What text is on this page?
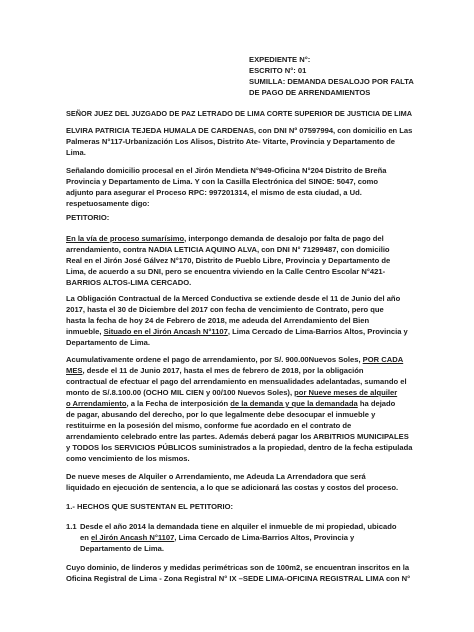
EXPEDIENTE N°:
ESCRITO N°: 01
SUMILLA: DEMANDA DESALOJO POR FALTA
DE PAGO DE ARRENDAMIENTOS
SEÑOR JUEZ DEL JUZGADO DE PAZ LETRADO DE LIMA CORTE SUPERIOR DE JUSTICIA DE LIMA
ELVIRA PATRICIA TEJEDA HUMALA DE CARDENAS, con DNI Nº 07597994, con domicilio en Las
Palmeras N°117-Urbanización Los Alisos, Distrito Ate- Vitarte, Provincia y Departamento de
Lima.
Señalando domicilio procesal en el Jirón Mendieta N°949-Oficina N°204 Distrito de Breña
Provincia y Departamento de Lima. Y con la Casilla Electrónica del SINOE: 5047, como
adjunto para asegurar el Proceso RPC: 997201314, el mismo de esta ciudad, a Ud.
respetuosamente digo:
PETITORIO:
En la vía de proceso sumarísimo, interpongo demanda de desalojo por falta de pago del
arrendamiento, contra NADIA LETICIA AQUINO ALVA, con DNI N° 71299487, con domicilio
Real en el Jirón José Gálvez N°170, Distrito de Pueblo Libre, Provincia y Departamento de
Lima, de acuerdo a su DNI, pero se encuentra viviendo en la Calle Centro Escolar N°421-
BARRIOS ALTOS-LIMA CERCADO.
La Obligación Contractual de la Merced Conductiva se extiende desde el 11 de Junio del año
2017, hasta el 30 de Diciembre del 2017 con fecha de vencimiento de Contrato, pero que
hasta la fecha de hoy 24 de Febrero de 2018, me adeuda del Arrendamiento del Bien
inmueble, Situado en el Jirón Ancash N°1107, Lima Cercado de Lima-Barrios Altos, Provincia y
Departamento de Lima.
Acumulativamente ordene el pago de arrendamiento, por S/. 900.00Nuevos Soles, POR CADA
MES, desde el 11 de Junio 2017, hasta el mes de febrero de 2018, por la obligación
contractual de efectuar el pago del arrendamiento en mensualidades adelantadas, sumando el
monto de S/.8.100.00 (OCHO MIL CIEN y 00/100 Nuevos Soles), por Nueve meses de alquiler
o Arrendamiento, a la Fecha de interposición de la demanda y que la demandada ha dejado
de pagar, abusando del derecho, por lo que legalmente debe desocupar el inmueble y
restituirme en la posesión del mismo, conforme fue acordado en el contrato de
arrendamiento celebrado entre las partes. Además deberá pagar los ARBITRIOS MUNICIPALES
y TODOS los SERVICIOS PÚBLICOS suministrados a la propiedad, dentro de la fecha estipulada
como vencimiento de los mismos.
De nueve meses de Alquiler o Arrendamiento, me Adeuda La Arrendadora que será
liquidado en ejecución de sentencia, a lo que se adicionará las costas y costos del proceso.
1.- HECHOS QUE SUSTENTAN EL PETITORIO:
1.1 Desde el año 2014 la demandada tiene en alquiler el inmueble de mi propiedad, ubicado
en el Jirón Ancash N°1107, Lima Cercado de Lima-Barrios Altos, Provincia y
Departamento de Lima.
Cuyo dominio, de linderos y medidas perimétricas son de 100m2, se encuentran inscritos en la
Oficina Registral de Lima - Zona Registral N° IX –SEDE LIMA-OFICINA REGISTRAL LIMA con N°
